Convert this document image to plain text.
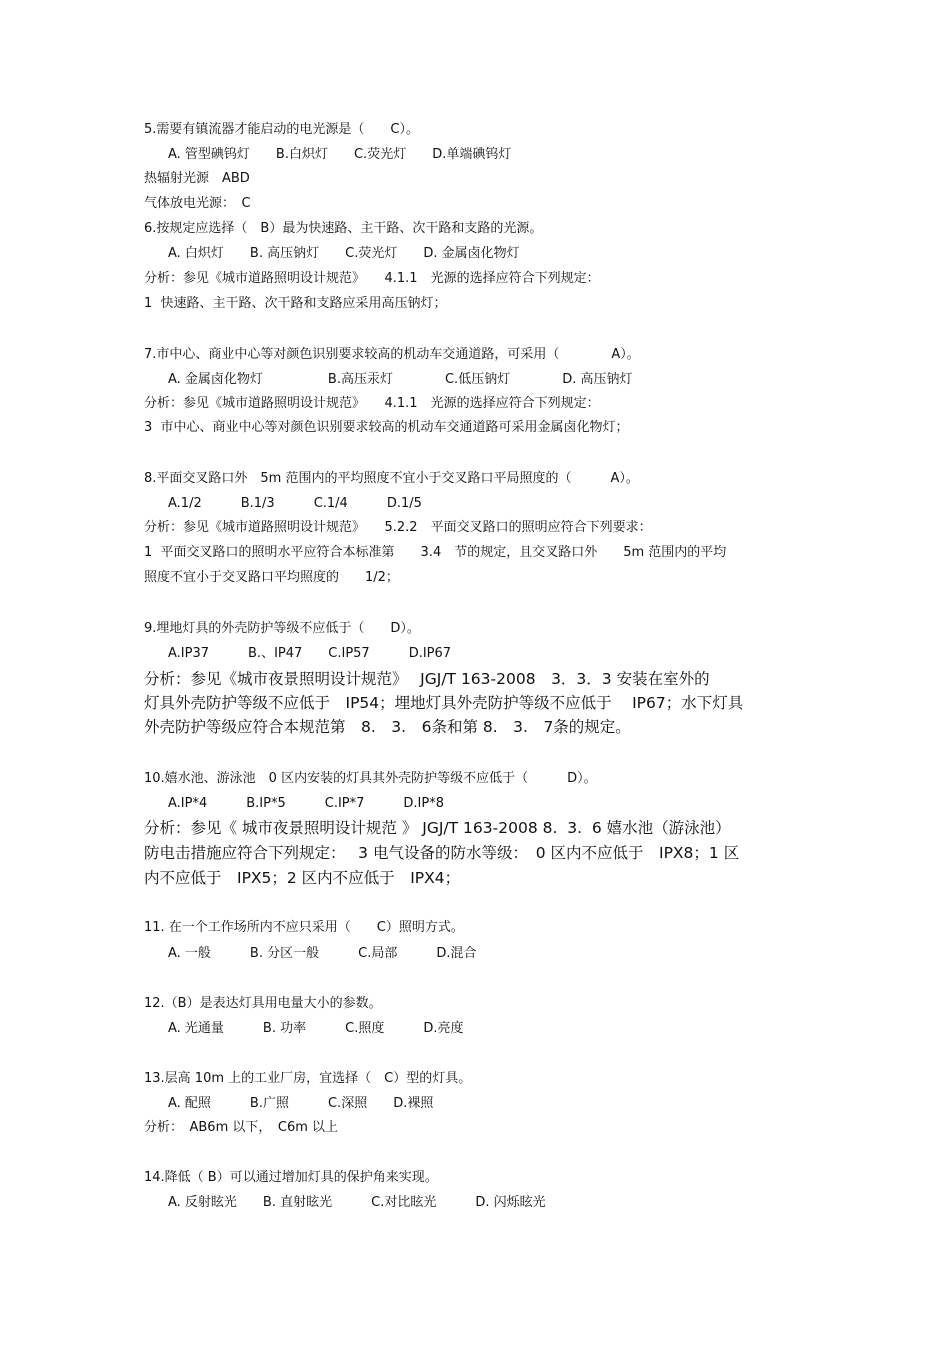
5.需要有镇流器才能启动的电光源是（　　C）。
A. 管型碘钨灯　　B.白炽灯　　C.荧光灯　　D.单端碘钨灯
热辐射光源　ABD
气体放电光源：　C
6.按规定应选择（　B）最为快速路、主干路、次干路和支路的光源。
A. 白炽灯　　B. 高压钠灯　　C.荧光灯　　D. 金属卤化物灯
分析：参见《城市道路照明设计规范》　　4.1.1　光源的选择应符合下列规定：
1  快速路、主干路、次干路和支路应采用高压钠灯；
7.市中心、商业中心等对颜色识别要求较高的机动车交通道路，可采用（　　　　A）。
A. 金属卤化物灯　　　　　B.高压汞灯　　　　C.低压钠灯　　　　D. 高压钠灯
分析：参见《城市道路照明设计规范》　　4.1.1　光源的选择应符合下列规定：
3  市中心、商业中心等对颜色识别要求较高的机动车交通道路可采用金属卤化物灯；
8.平面交叉路口外　5m 范围内的平均照度不宜小于交叉路口平局照度的（　　　A）。
A.1/2　　　B.1/3　　　C.1/4　　　D.1/5
分析：参见《城市道路照明设计规范》　　5.2.2　平面交叉路口的照明应符合下列要求：
1  平面交叉路口的照明水平应符合本标准第　　3.4　节的规定，且交叉路口外　　5m 范围内的平均
照度不宜小于交叉路口平均照度的　　1/2；
9.埋地灯具的外壳防护等级不应低于（　　D）。
A.IP37　　　B.、IP47　　C.IP57　　　D.IP67
分析：参见《城市夜景照明设计规范》　 JGJ/T 163-2008　3．3．3 安装在室外的
灯具外壳防护等级不应低于　IP54；埋地灯具外壳防护等级不应低于　 IP67；水下灯具
外壳防护等级应符合本规范第　8.　3.　6条和第 8.　3.　7条的规定。
10.嬉水池、游泳池　0 区内安装的灯具其外壳防护等级不应低于（　　　D）。
A.IP*4　　　B.IP*5　　　C.IP*7　　　D.IP*8
分析：参见《 城市夜景照明设计规范 》 JGJ/T 163-2008 8.  3.  6 嬉水池（游泳池）
防电击措施应符合下列规定：　 3 电气设备的防水等级：　0 区内不应低于　IPX8；1 区
内不应低于　IPX5；2 区内不应低于　IPX4；
11. 在一个工作场所内不应只采用（　　C）照明方式。
A. 一般　　　B. 分区一般　　　C.局部　　　D.混合
12.（B）是表达灯具用电量大小的参数。
A. 光通量　　　B. 功率　　　C.照度　　　D.亮度
13.层高 10m 上的工业厂房，宜选择（　C）型的灯具。
A. 配照　　　B.广照　　　C.深照　　D.裸照
分析：　AB6m 以下，　C6m 以上
14.降低（ B）可以通过增加灯具的保护角来实现。
A. 反射眩光　　B. 直射眩光　　　C.对比眩光　　　D. 闪烁眩光
